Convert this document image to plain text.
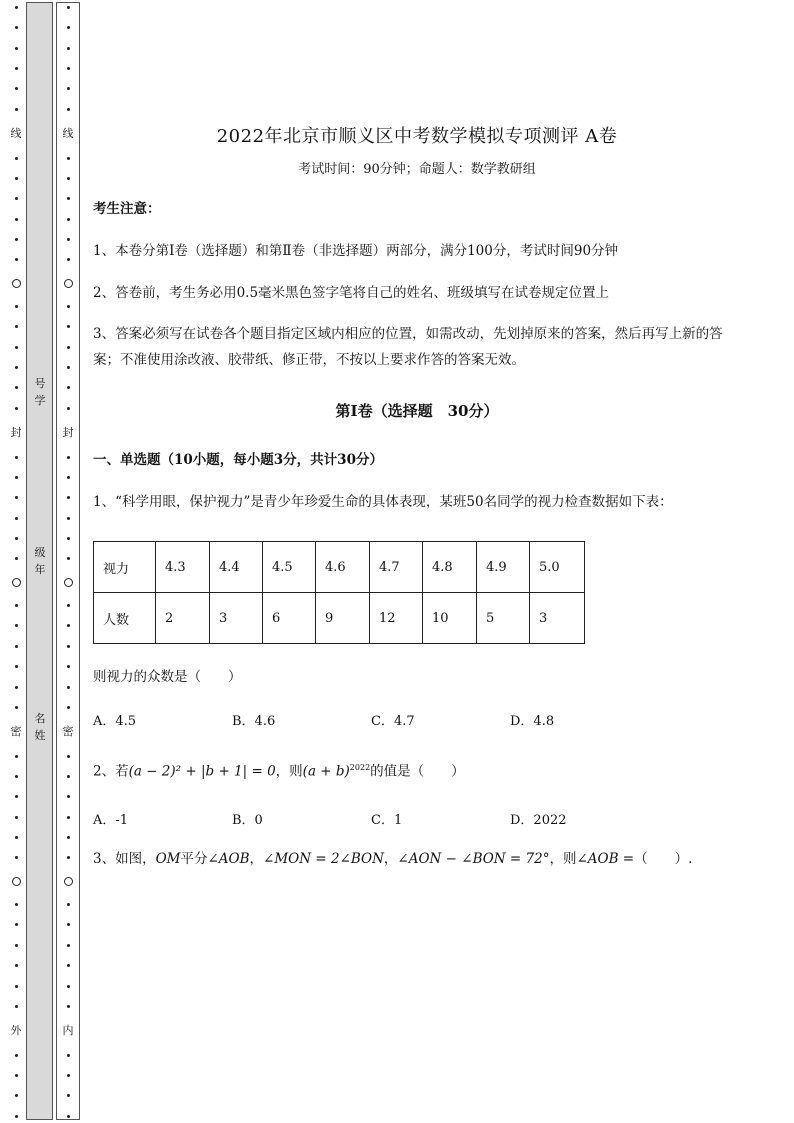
线
封
密
外
号学
级年
名姓
线
封
密
内
2022年北京市顺义区中考数学模拟专项测评 A卷
考试时间：90分钟；命题人：数学教研组
考生注意：
1、本卷分第Ⅰ卷（选择题）和第Ⅱ卷（非选择题）两部分，满分100分，考试时间90分钟
2、答卷前，考生务必用0.5毫米黑色签字笔将自己的姓名、班级填写在试卷规定位置上
3、答案必须写在试卷各个题目指定区域内相应的位置，如需改动，先划掉原来的答案，然后再写上新的答案；不准使用涂改液、胶带纸、修正带，不按以上要求作答的答案无效。
第Ⅰ卷（选择题　30分）
一、单选题（10小题，每小题3分，共计30分）
1、“科学用眼，保护视力”是青少年珍爱生命的具体表现，某班50名同学的视力检查数据如下表：
视力	4.3	4.4	4.5	4.6	4.7	4.8	4.9	5.0
人数	2	3	6	9	12	10	5	3
则视力的众数是（　　）
A．4.5	B．4.6	C．4.7	D．4.8
2、若(a − 2)² + |b + 1| = 0，则$(a + b)^{2022}$的值是（　　）
A．-1	B．0	C．1	D．2022
3、如图，OM平分∠AOB，∠MON = 2∠BON，∠AON − ∠BON = 72°，则∠AOB =（　　）.
